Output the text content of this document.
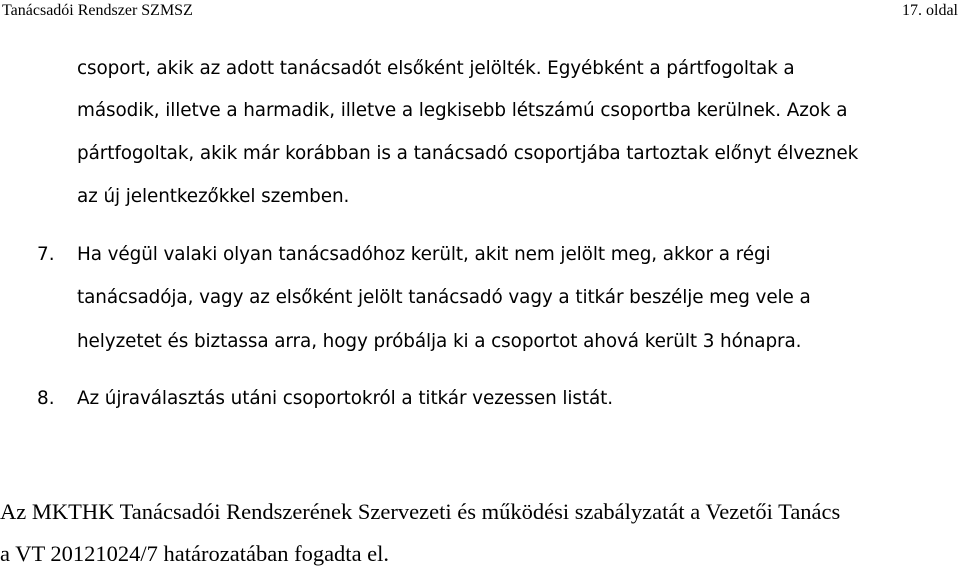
Tanácsadói Rendszer SZMSZ	17. oldal
csoport, akik az adott tanácsadót elsőként jelölték. Egyébként a pártfogoltak a
második, illetve a harmadik, illetve a legkisebb létszámú csoportba kerülnek. Azok a
pártfogoltak, akik már korábban is a tanácsadó csoportjába tartoztak előnyt élveznek
az új jelentkezőkkel szemben.
7. Ha végül valaki olyan tanácsadóhoz került, akit nem jelölt meg, akkor a régi
tanácsadója, vagy az elsőként jelölt tanácsadó vagy a titkár beszélje meg vele a
helyzetet és biztassa arra, hogy próbálja ki a csoportot ahová került 3 hónapra.
8. Az újraválasztás utáni csoportokról a titkár vezessen listát.
Az MKTHK Tanácsadói Rendszerének Szervezeti és működési szabályzatát a Vezetői Tanács
a VT 20121024/7 határozatában fogadta el.
